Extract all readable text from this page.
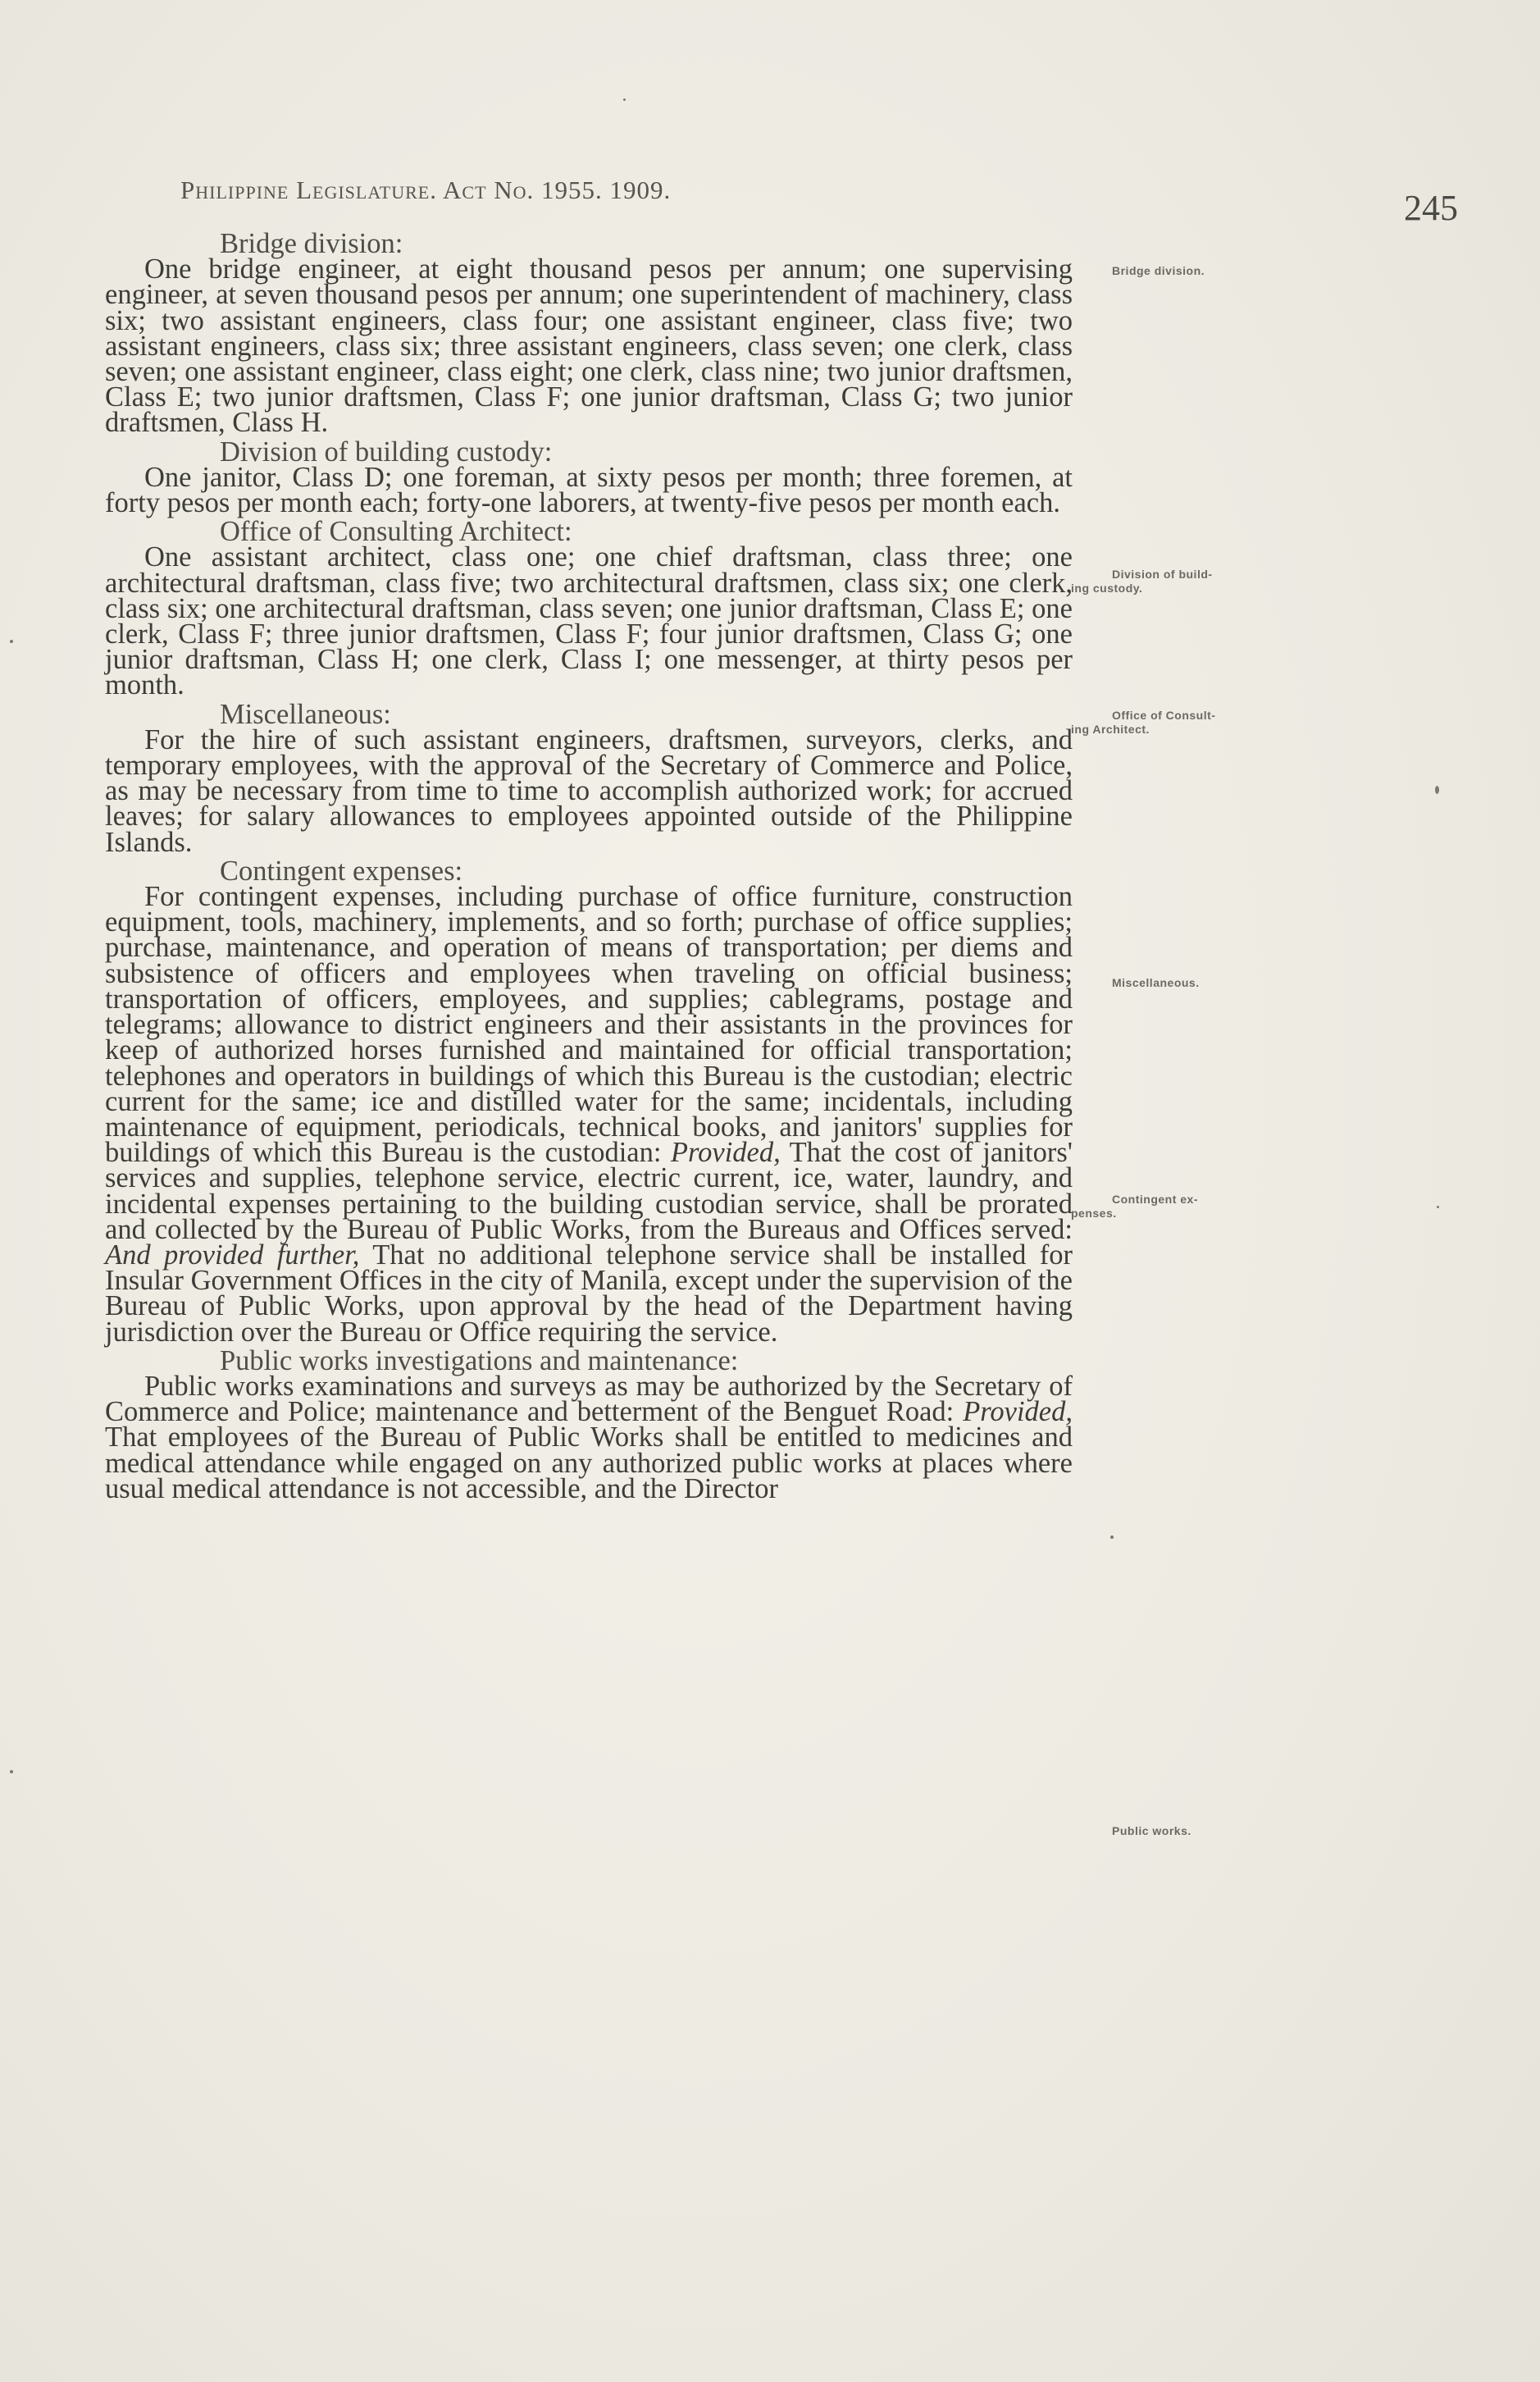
Philippine Legislature. Act No. 1955. 1909.	245
Bridge division:

One bridge engineer, at eight thousand pesos per annum; one supervising engineer, at seven thousand pesos per annum; one superintendent of machinery, class six; two assistant engineers, class four; one assistant engineer, class five; two assistant engineers, class six; three assistant engineers, class seven; one clerk, class seven; one assistant engineer, class eight; one clerk, class nine; two junior draftsmen, Class E; two junior draftsmen, Class F; one junior draftsman, Class G; two junior draftsmen, Class H.

Division of building custody:

One janitor, Class D; one foreman, at sixty pesos per month; three foremen, at forty pesos per month each; forty-one laborers, at twenty-five pesos per month each.

Office of Consulting Architect:

One assistant architect, class one; one chief draftsman, class three; one architectural draftsman, class five; two architectural draftsmen, class six; one clerk, class six; one architectural draftsman, class seven; one junior draftsman, Class E; one clerk, Class F; three junior draftsmen, Class F; four junior draftsmen, Class G; one junior draftsman, Class H; one clerk, Class I; one messenger, at thirty pesos per month.

Miscellaneous:

For the hire of such assistant engineers, draftsmen, surveyors, clerks, and temporary employees, with the approval of the Secretary of Commerce and Police, as may be necessary from time to time to accomplish authorized work; for accrued leaves; for salary allowances to employees appointed outside of the Philippine Islands.

Contingent expenses:

For contingent expenses, including purchase of office furniture, construction equipment, tools, machinery, implements, and so forth; purchase of office supplies; purchase, maintenance, and operation of means of transportation; per diems and subsistence of officers and employees when traveling on official business; transportation of officers, employees, and supplies; cablegrams, postage and telegrams; allowance to district engineers and their assistants in the provinces for keep of authorized horses furnished and maintained for official transportation; telephones and operators in buildings of which this Bureau is the custodian; electric current for the same; ice and distilled water for the same; incidentals, including maintenance of equipment, periodicals, technical books, and janitors' supplies for buildings of which this Bureau is the custodian: Provided, That the cost of janitors' services and supplies, telephone service, electric current, ice, water, laundry, and incidental expenses pertaining to the building custodian service, shall be prorated and collected by the Bureau of Public Works, from the Bureaus and Offices served: And provided further, That no additional telephone service shall be installed for Insular Government Offices in the city of Manila, except under the supervision of the Bureau of Public Works, upon approval by the head of the Department having jurisdiction over the Bureau or Office requiring the service.

Public works investigations and maintenance:

Public works examinations and surveys as may be authorized by the Secretary of Commerce and Police; maintenance and betterment of the Benguet Road: Provided, That employees of the Bureau of Public Works shall be entitled to medicines and medical attendance while engaged on any authorized public works at places where usual medical attendance is not accessible, and the Director

Bridge division.
Division of build-
ing custody.
Office of Consult-
ing Architect.
Miscellaneous.
Contingent ex-
penses.
Public works.
